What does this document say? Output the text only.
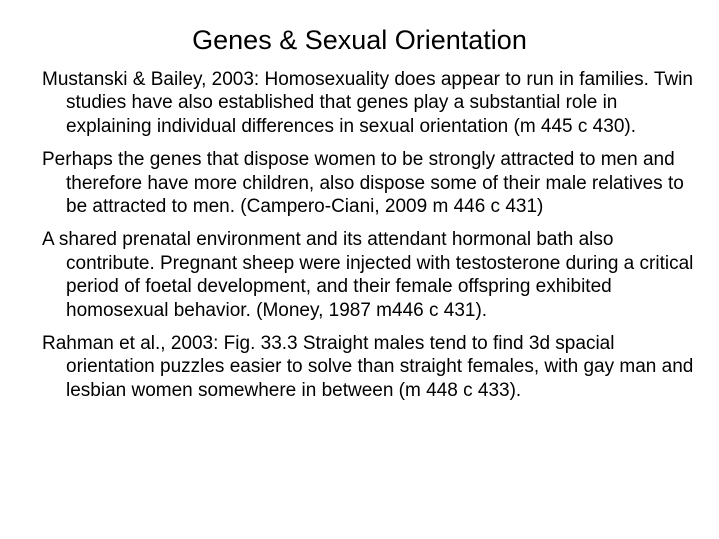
Genes & Sexual Orientation

Mustanski & Bailey, 2003: Homosexuality does appear to run in families. Twin studies have also established that genes play a substantial role in explaining individual differences in sexual orientation (m 445 c 430).

Perhaps the genes that dispose women to be strongly attracted to men and therefore have more children, also dispose some of their male relatives to be attracted to men. (Campero-Ciani, 2009 m 446 c 431)

A shared prenatal environment and its attendant hormonal bath also contribute. Pregnant sheep were injected with testosterone during a critical period of foetal development, and their female offspring exhibited homosexual behavior. (Money, 1987 m446 c 431).

Rahman et al., 2003: Fig. 33.3 Straight males tend to find 3d spacial orientation puzzles easier to solve than straight females, with gay man and lesbian women somewhere in between (m 448 c 433).
